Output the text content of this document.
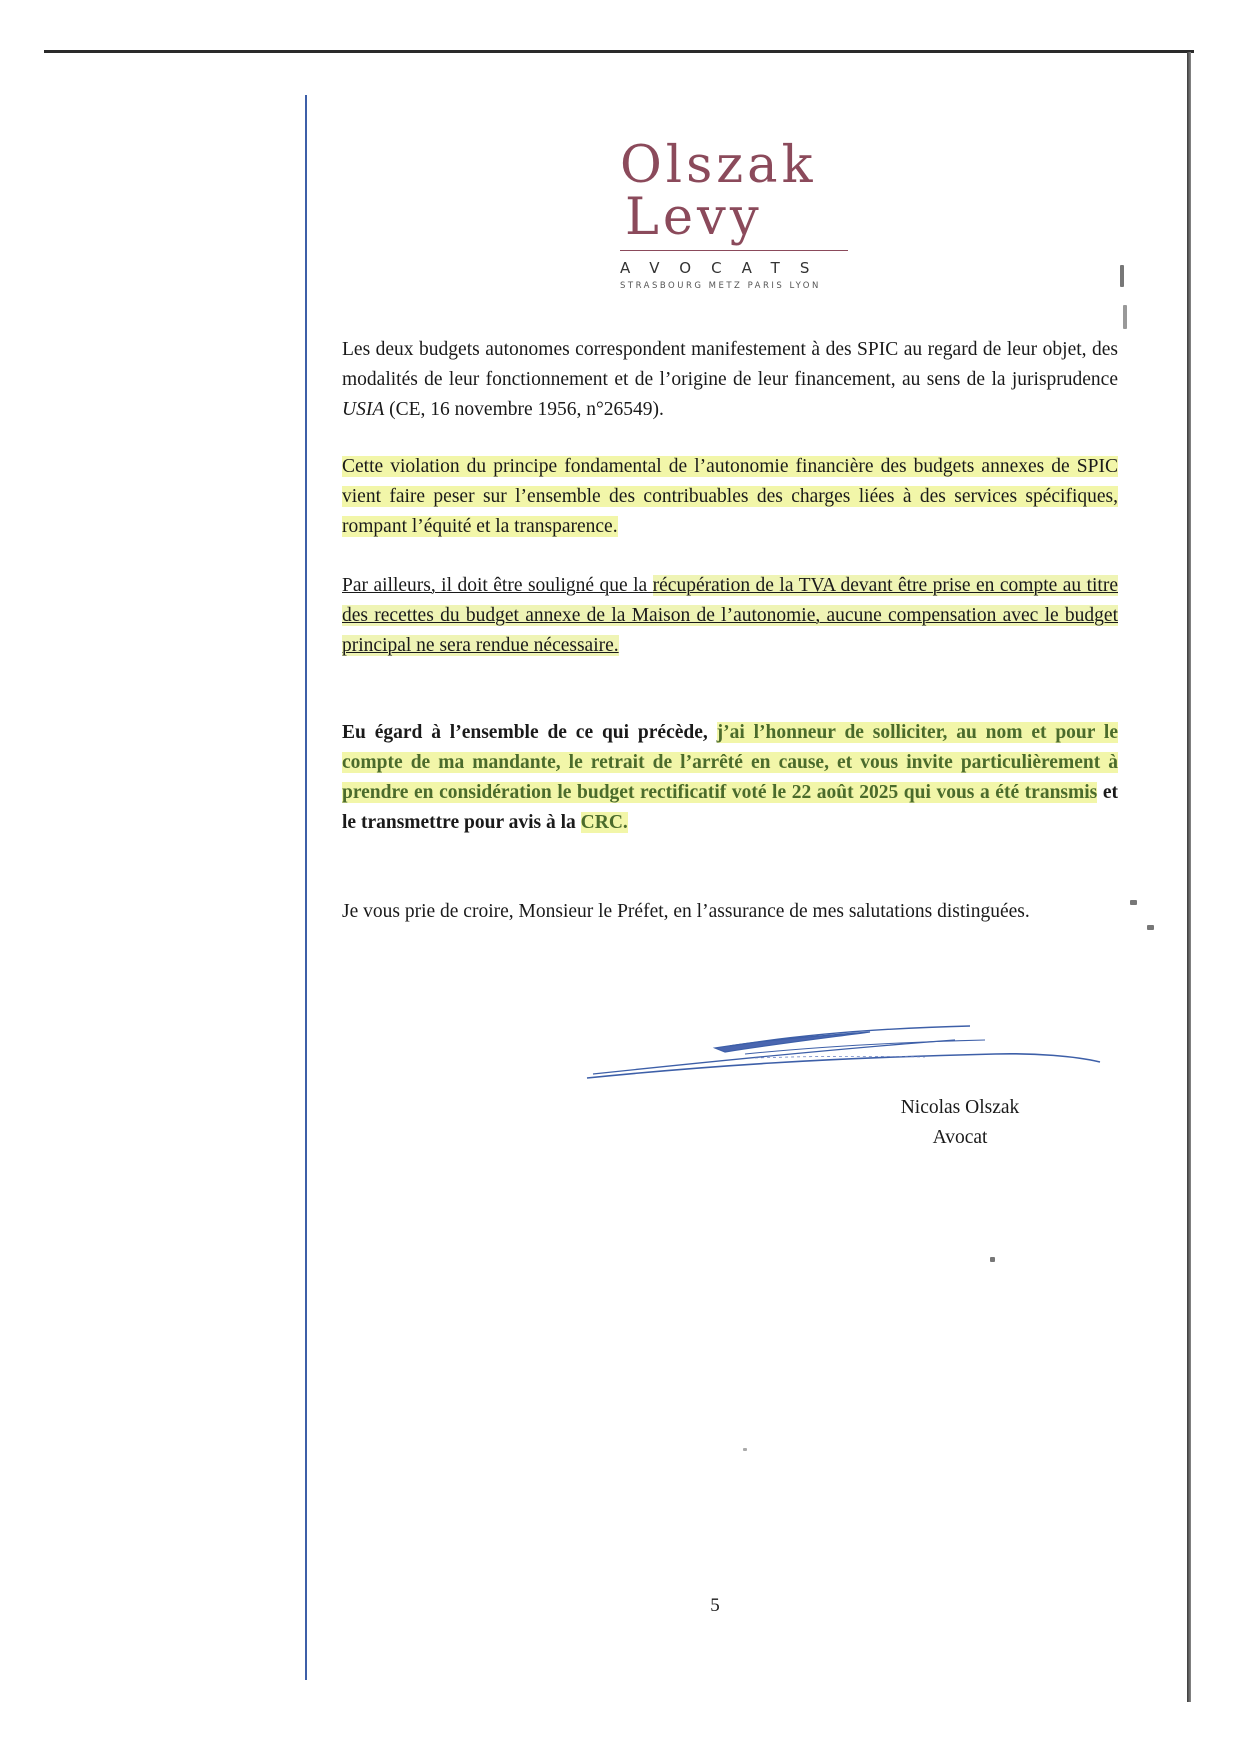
Olszak
Levy
AVOCATS
STRASBOURG METZ PARIS LYON

Les deux budgets autonomes correspondent manifestement à des SPIC au regard de leur objet, des modalités de leur fonctionnement et de l’origine de leur financement, au sens de la jurisprudence USIA (CE, 16 novembre 1956, n°26549).

Cette violation du principe fondamental de l’autonomie financière des budgets annexes de SPIC vient faire peser sur l’ensemble des contribuables des charges liées à des services spécifiques, rompant l’équité et la transparence.

Par ailleurs, il doit être souligné que la récupération de la TVA devant être prise en compte au titre des recettes du budget annexe de la Maison de l’autonomie, aucune compensation avec le budget principal ne sera rendue nécessaire.

Eu égard à l’ensemble de ce qui précède, j’ai l’honneur de solliciter, au nom et pour le compte de ma mandante, le retrait de l’arrêté en cause, et vous invite particulièrement à prendre en considération le budget rectificatif voté le 22 août 2025 qui vous a été transmis et le transmettre pour avis à la CRC.

Je vous prie de croire, Monsieur le Préfet, en l’assurance de mes salutations distinguées.

Nicolas Olszak
Avocat
5
